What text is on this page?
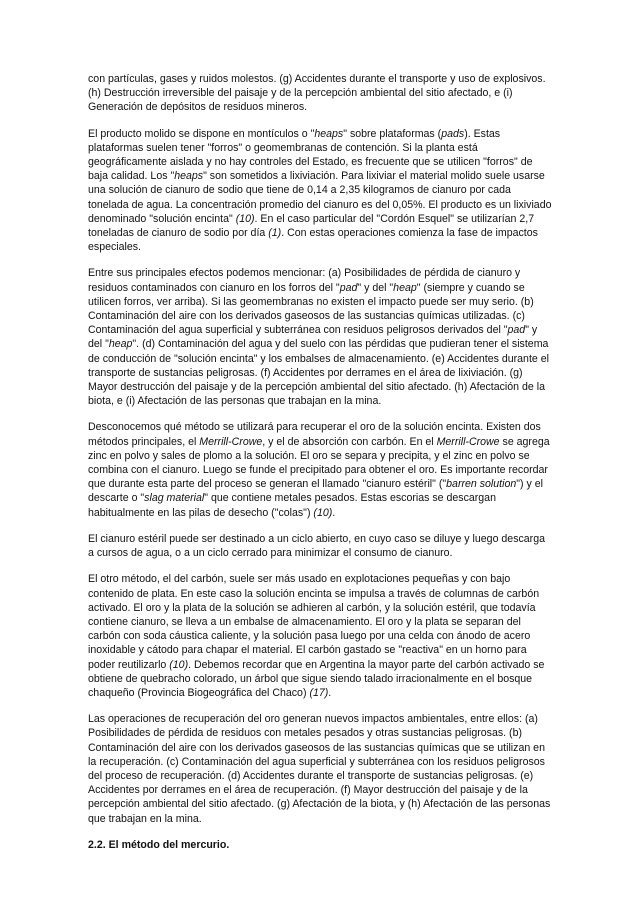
con partículas, gases y ruidos molestos. (g) Accidentes durante el transporte y uso de explosivos. (h) Destrucción irreversible del paisaje y de la percepción ambiental del sitio afectado, e (i) Generación de depósitos de residuos mineros.

El producto molido se dispone en montículos o "heaps" sobre plataformas (pads). Estas plataformas suelen tener "forros" o geomembranas de contención. Si la planta está geográficamente aislada y no hay controles del Estado, es frecuente que se utilicen "forros" de baja calidad. Los "heaps" son sometidos a lixiviación. Para lixiviar el material molido suele usarse una solución de cianuro de sodio que tiene de 0,14 a 2,35 kilogramos de cianuro por cada tonelada de agua. La concentración promedio del cianuro es del 0,05%. El producto es un lixiviado denominado "solución encinta" (10). En el caso particular del "Cordón Esquel" se utilizarían 2,7 toneladas de cianuro de sodio por día (1). Con estas operaciones comienza la fase de impactos especiales.

Entre sus principales efectos podemos mencionar: (a) Posibilidades de pérdida de cianuro y residuos contaminados con cianuro en los forros del "pad" y del "heap" (siempre y cuando se utilicen forros, ver arriba). Si las geomembranas no existen el impacto puede ser muy serio. (b) Contaminación del aire con los derivados gaseosos de las sustancias químicas utilizadas. (c) Contaminación del agua superficial y subterránea con residuos peligrosos derivados del "pad" y del "heap". (d) Contaminación del agua y del suelo con las pérdidas que pudieran tener el sistema de conducción de "solución encinta" y los embalses de almacenamiento. (e) Accidentes durante el transporte de sustancias peligrosas. (f) Accidentes por derrames en el área de lixiviación. (g) Mayor destrucción del paisaje y de la percepción ambiental del sitio afectado. (h) Afectación de la biota, e (i) Afectación de las personas que trabajan en la mina.

Desconocemos qué método se utilizará para recuperar el oro de la solución encinta. Existen dos métodos principales, el Merrill-Crowe, y el de absorción con carbón. En el Merrill-Crowe se agrega zinc en polvo y sales de plomo a la solución. El oro se separa y precipita, y el zinc en polvo se combina con el cianuro. Luego se funde el precipitado para obtener el oro. Es importante recordar que durante esta parte del proceso se generan el llamado "cianuro estéril" ("barren solution") y el descarte o "slag material" que contiene metales pesados. Estas escorias se descargan habitualmente en las pilas de desecho ("colas") (10).

El cianuro estéril puede ser destinado a un ciclo abierto, en cuyo caso se diluye y luego descarga a cursos de agua, o a un ciclo cerrado para minimizar el consumo de cianuro.

El otro método, el del carbón, suele ser más usado en explotaciones pequeñas y con bajo contenido de plata. En este caso la solución encinta se impulsa a través de columnas de carbón activado. El oro y la plata de la solución se adhieren al carbón, y la solución estéril, que todavía contiene cianuro, se lleva a un embalse de almacenamiento. El oro y la plata se separan del carbón con soda cáustica caliente, y la solución pasa luego por una celda con ánodo de acero inoxidable y cátodo para chapar el material. El carbón gastado se "reactiva" en un horno para poder reutilizarlo (10). Debemos recordar que en Argentina la mayor parte del carbón activado se obtiene de quebracho colorado, un árbol que sigue siendo talado irracionalmente en el bosque chaqueño (Provincia Biogeográfica del Chaco) (17).

Las operaciones de recuperación del oro generan nuevos impactos ambientales, entre ellos: (a) Posibilidades de pérdida de residuos con metales pesados y otras sustancias peligrosas. (b) Contaminación del aire con los derivados gaseosos de las sustancias químicas que se utilizan en la recuperación. (c) Contaminación del agua superficial y subterránea con los residuos peligrosos del proceso de recuperación. (d) Accidentes durante el transporte de sustancias peligrosas. (e) Accidentes por derrames en el área de recuperación. (f) Mayor destrucción del paisaje y de la percepción ambiental del sitio afectado. (g) Afectación de la biota, y (h) Afectación de las personas que trabajan en la mina.

2.2. El método del mercurio.
